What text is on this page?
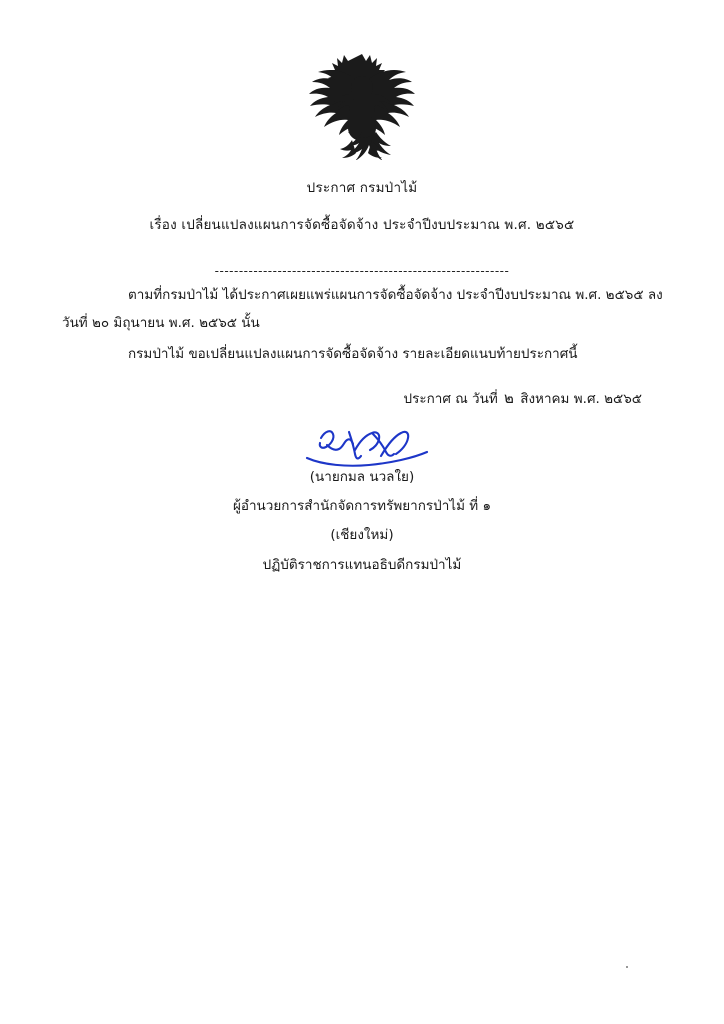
ประกาศ กรมป่าไม้
เรื่อง เปลี่ยนแปลงแผนการจัดซื้อจัดจ้าง ประจำปีงบประมาณ พ.ศ. ๒๕๖๕
-------------------------------------------------------------
ตามที่กรมป่าไม้ ได้ประกาศเผยแพร่แผนการจัดซื้อจัดจ้าง ประจำปีงบประมาณ พ.ศ. ๒๕๖๕ ลงวันที่ ๒๐ มิถุนายน พ.ศ. ๒๕๖๕ นั้น
กรมป่าไม้ ขอเปลี่ยนแปลงแผนการจัดซื้อจัดจ้าง รายละเอียดแนบท้ายประกาศนี้
ประกาศ ณ วันที่ ๒ สิงหาคม พ.ศ. ๒๕๖๕
(นายกมล นวลใย)
ผู้อำนวยการสำนักจัดการทรัพยากรป่าไม้ ที่ ๑
(เชียงใหม่)
ปฏิบัติราชการแทนอธิบดีกรมป่าไม้
